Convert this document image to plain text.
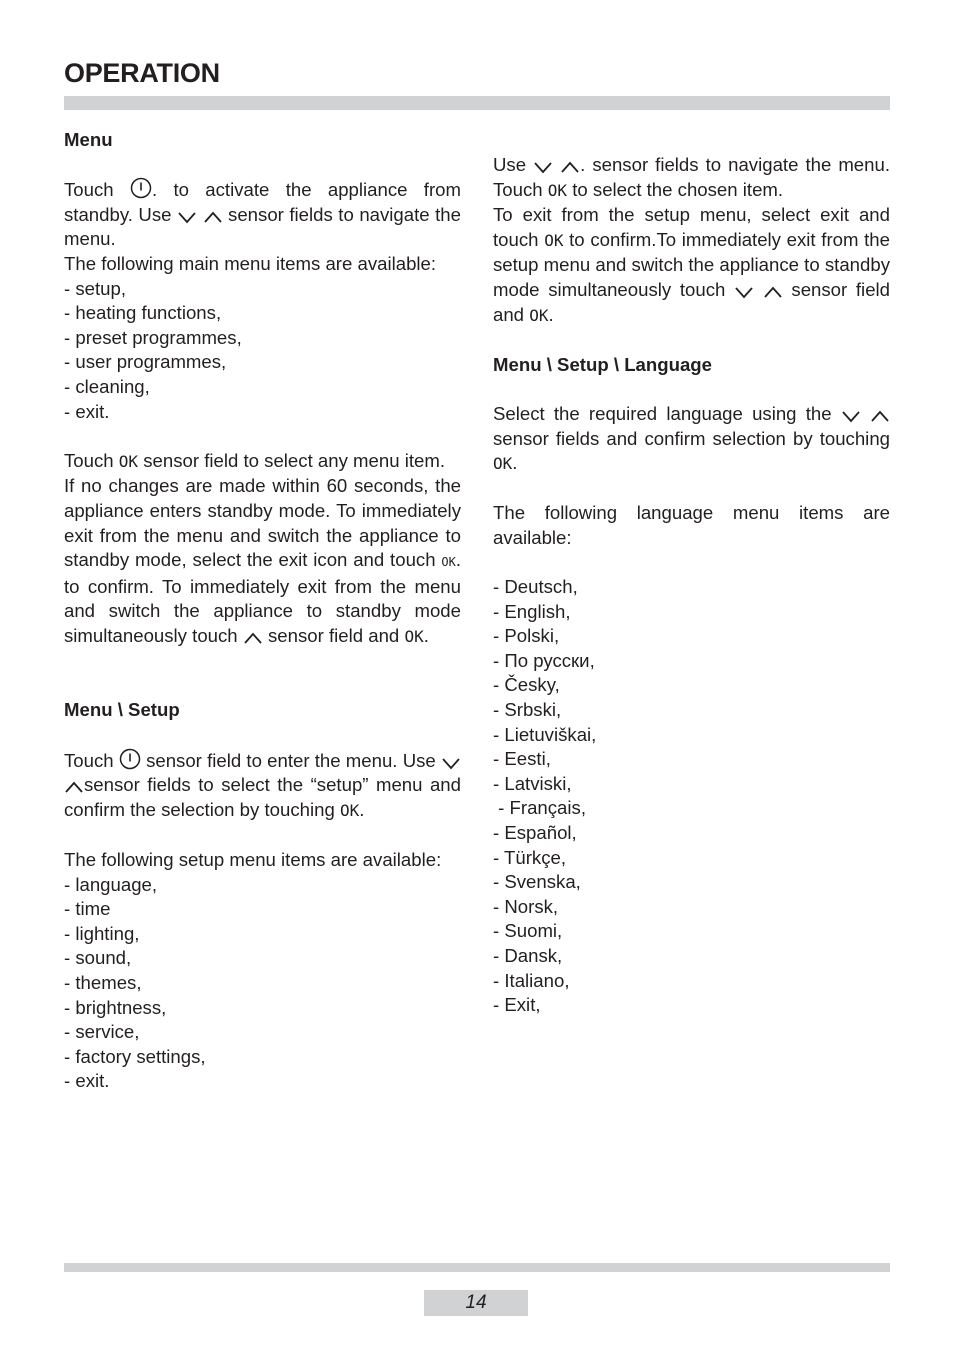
OPERATION

Menu

Touch . to activate the appliance from standby. Use
	sensor fields to navigate the menu.

The following main menu items are available:

- setup,
- heating functions,
- preset programmes,
- user programmes,
- cleaning,
- exit.

Touch OK sensor field to select any menu item.

If no changes are made within 60 seconds, the appliance enters standby mode. To immediately exit from the menu and switch the appliance to standby mode, select the exit icon and touch OK. to confirm. To immediately exit from the menu and switch the appliance to standby mode simultaneously touch sensor field and OK.

Menu \ Setup

Touch sensor field to enter the menu. Use

sensor fields to select the “setup” menu and confirm the selection by touching OK.

The following setup menu items are available:

- language,
- time
- lighting,
- sound,
- themes,
- brightness,
- service,
- factory settings,
- exit.

Use
	. sensor fields to navigate the menu. Touch OK to select the chosen item.

To exit from the setup menu, select exit and touch OK to confirm.To immediately exit from the setup menu and switch the appliance to standby mode simultaneously touch
	sensor field and OK.

Menu \ Setup \ Language

Select the required language using the

sensor fields and confirm selection by touching OK.

The following language menu items are available:

- Deutsch,
- English,
- Polski,
- По русски,
- Česky,
- Srbski,
- Lietuviškai,
- Eesti,
- Latviski,
- Français,
- Español,
- Türkçe,
- Svenska,
- Norsk,
- Suomi,
- Dansk,
- Italiano,
- Exit,
14
